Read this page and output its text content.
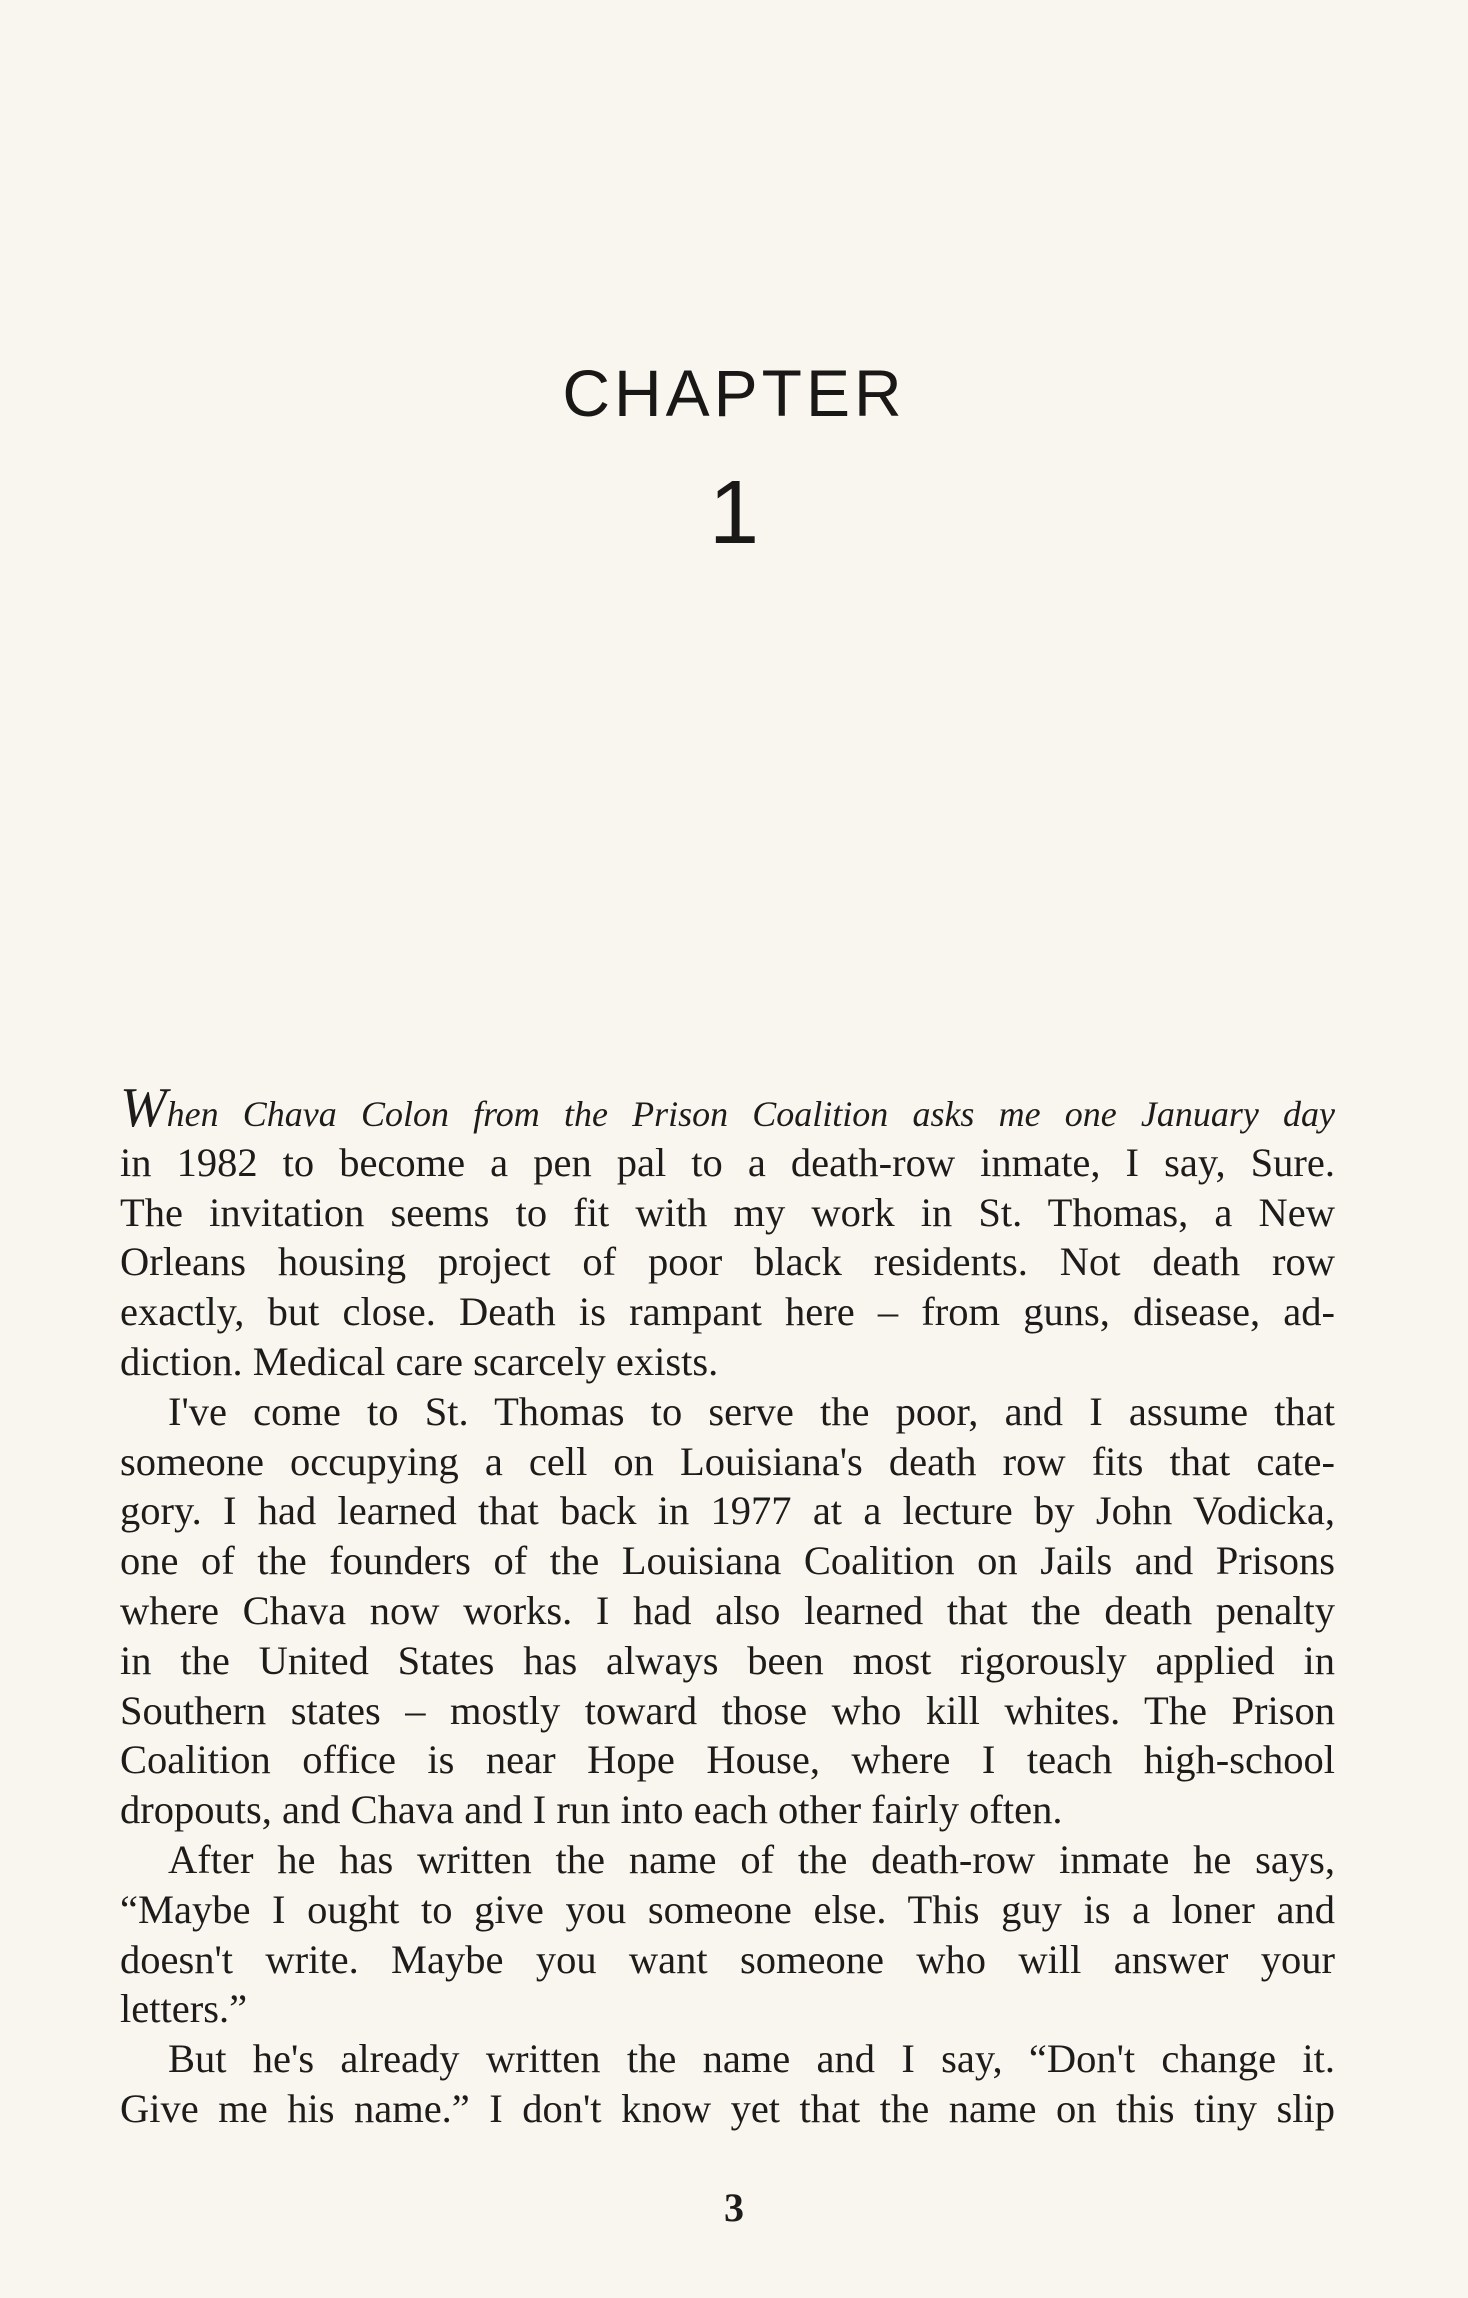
CHAPTER
1
When Chava Colon from the Prison Coalition asks me one January day
in 1982 to become a pen pal to a death-row inmate, I say, Sure.
The invitation seems to fit with my work in St. Thomas, a New
Orleans housing project of poor black residents. Not death row
exactly, but close. Death is rampant here – from guns, disease, ad-
diction. Medical care scarcely exists.
I've come to St. Thomas to serve the poor, and I assume that
someone occupying a cell on Louisiana's death row fits that cate-
gory. I had learned that back in 1977 at a lecture by John Vodicka,
one of the founders of the Louisiana Coalition on Jails and Prisons
where Chava now works. I had also learned that the death penalty
in the United States has always been most rigorously applied in
Southern states – mostly toward those who kill whites. The Prison
Coalition office is near Hope House, where I teach high-school
dropouts, and Chava and I run into each other fairly often.
After he has written the name of the death-row inmate he says,
“Maybe I ought to give you someone else. This guy is a loner and
doesn't write. Maybe you want someone who will answer your
letters.”
But he's already written the name and I say, “Don't change it.
Give me his name.” I don't know yet that the name on this tiny slip
3
